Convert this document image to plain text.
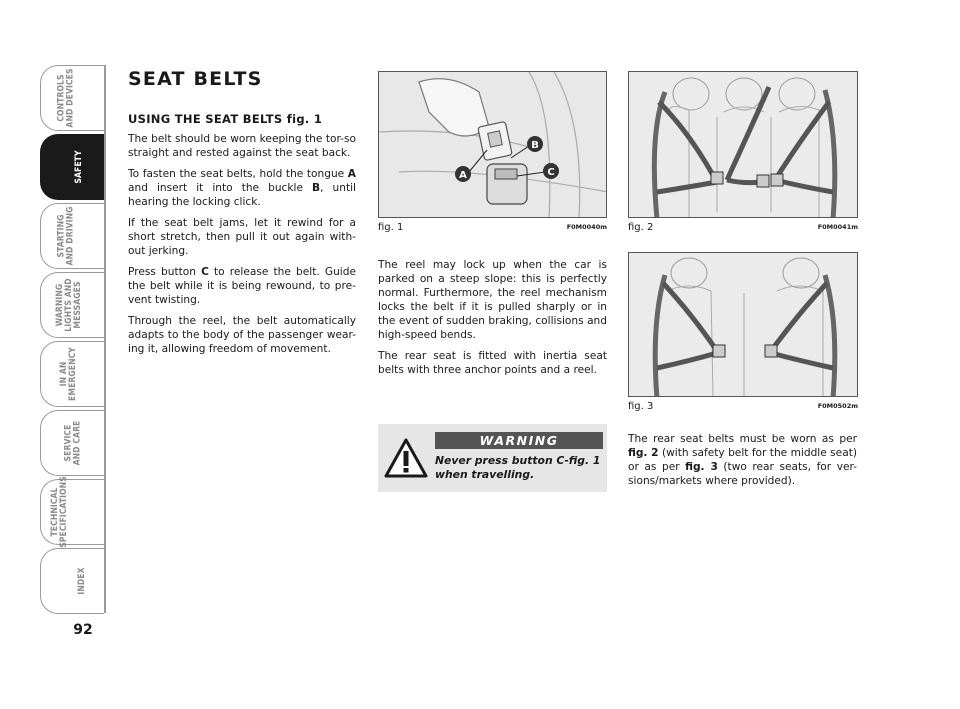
CONTROLS
AND DEVICES
SAFETY
STARTING
AND DRIVING
WARNING
LIGHTS AND
MESSAGES
IN AN
EMERGENCY
SERVICE
AND CARE
TECHNICAL
SPECIFICATIONS
INDEX
92
SEAT BELTS
USING THE SEAT BELTS fig. 1

The belt should be worn keeping the tor-so straight and rested against the seat back.

To fasten the seat belts, hold the tongue A and insert it into the buckle B, until hearing the locking click.

If the seat belt jams, let it rewind for a short stretch, then pull it out again with-out jerking.

Press button C to release the belt. Guide the belt while it is being rewound, to pre-vent twisting.

Through the reel, the belt automatically adapts to the body of the passenger wear-ing it, allowing freedom of movement.

A
B
C
fig. 1	F0M0040m fig. 2	F0M0041m
fig. 3	F0M0502m

The reel may lock up when the car is parked on a steep slope: this is perfectly normal. Furthermore, the reel mechanism locks the belt if it is pulled sharply or in the event of sudden braking, collisions and high-speed bends.

The rear seat is fitted with inertia seat belts with three anchor points and a reel.

WARNING
Never press button C-fig. 1 when travelling.

The rear seat belts must be worn as per fig. 2 (with safety belt for the middle seat) or as per fig. 3 (two rear seats, for ver-sions/markets where provided).
